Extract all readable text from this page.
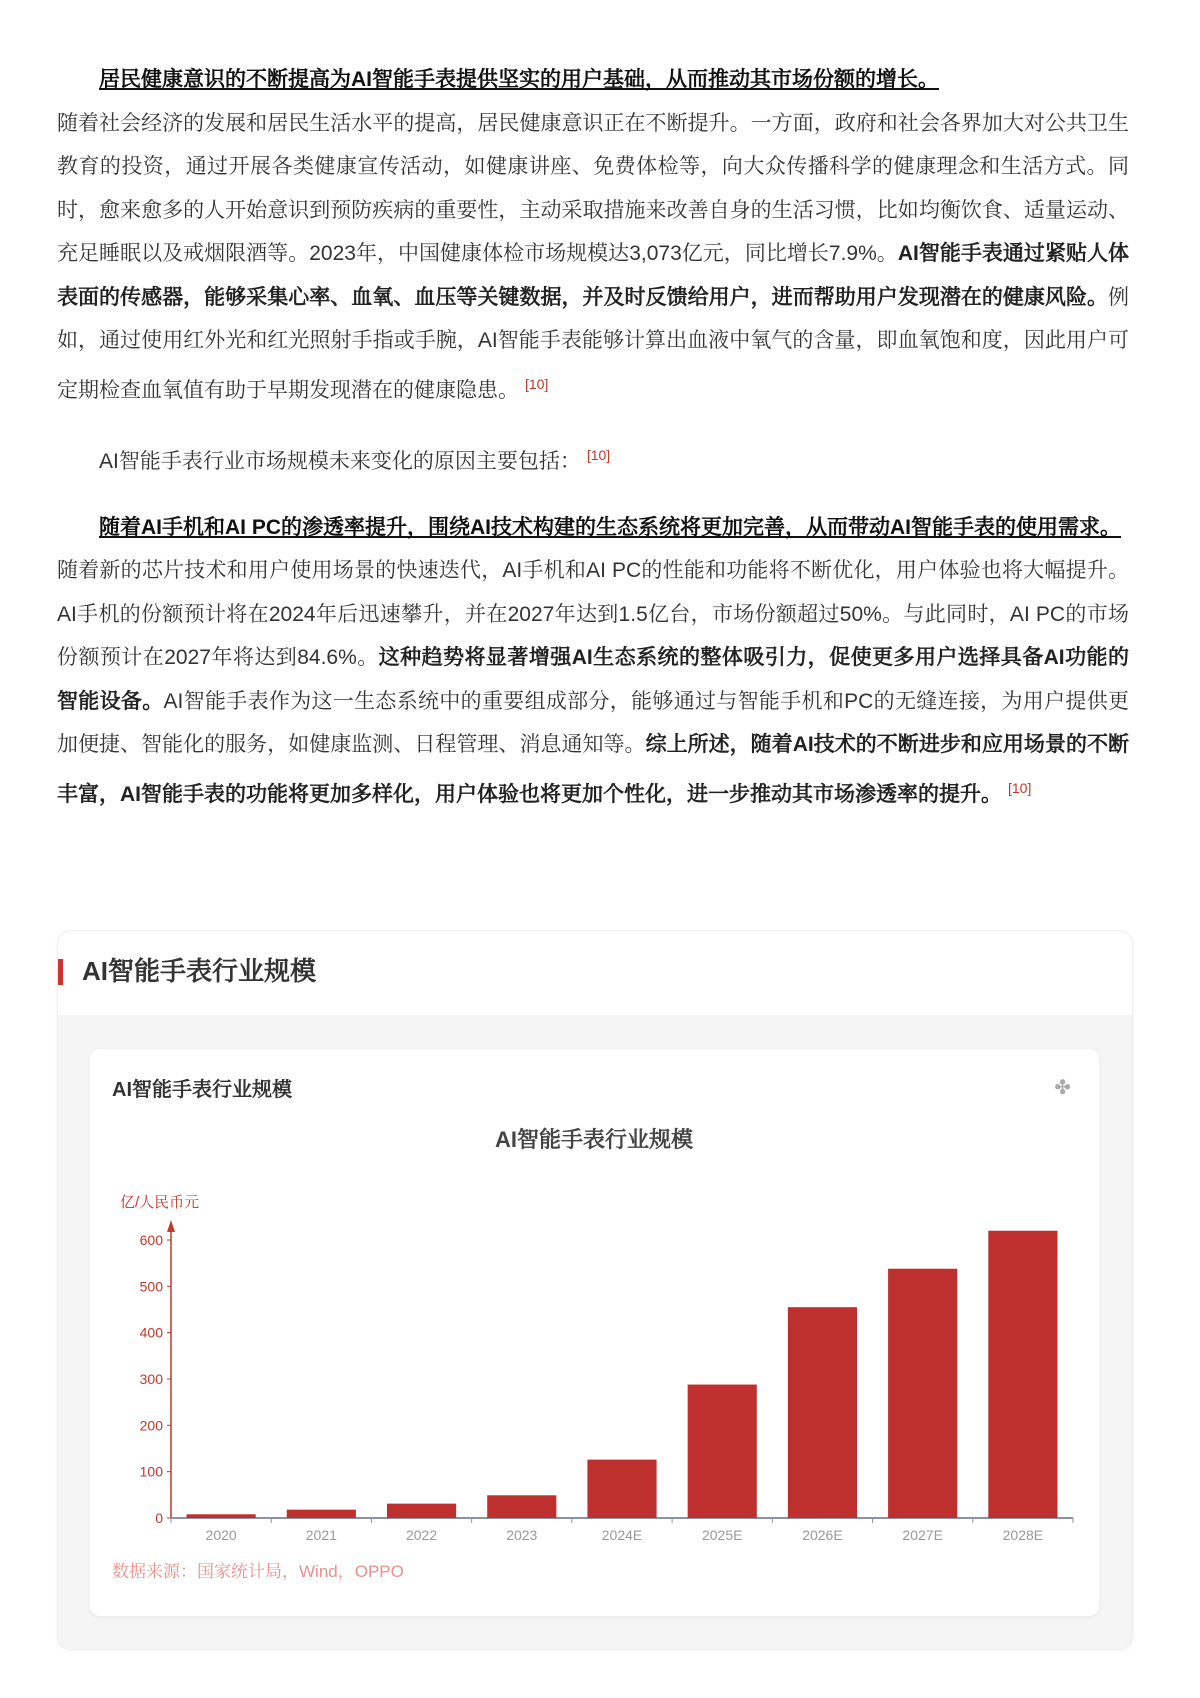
居民健康意识的不断提高为AI智能手表提供坚实的用户基础，从而推动其市场份额的增长。

随着社会经济的发展和居民生活水平的提高，居民健康意识正在不断提升。一方面，政府和社会各界加大对公共卫生教育的投资，通过开展各类健康宣传活动，如健康讲座、免费体检等，向大众传播科学的健康理念和生活方式。同时，愈来愈多的人开始意识到预防疾病的重要性，主动采取措施来改善自身的生活习惯，比如均衡饮食、适量运动、充足睡眠以及戒烟限酒等。2023年，中国健康体检市场规模达3,073亿元，同比增长7.9%。AI智能手表通过紧贴人体表面的传感器，能够采集心率、血氧、血压等关键数据，并及时反馈给用户，进而帮助用户发现潜在的健康风险。例如，通过使用红外光和红光照射手指或手腕，AI智能手表能够计算出血液中氧气的含量，即血氧饱和度，因此用户可定期检查血氧值有助于早期发现潜在的健康隐患。 [10]

AI智能手表行业市场规模未来变化的原因主要包括： [10]

随着AI手机和AI PC的渗透率提升，围绕AI技术构建的生态系统将更加完善，从而带动AI智能手表的使用需求。

随着新的芯片技术和用户使用场景的快速迭代，AI手机和AI PC的性能和功能将不断优化，用户体验也将大幅提升。AI手机的份额预计将在2024年后迅速攀升，并在2027年达到1.5亿台，市场份额超过50%。与此同时，AI PC的市场份额预计在2027年将达到84.6%。这种趋势将显著增强AI生态系统的整体吸引力，促使更多用户选择具备AI功能的智能设备。AI智能手表作为这一生态系统中的重要组成部分，能够通过与智能手机和PC的无缝连接，为用户提供更加便捷、智能化的服务，如健康监测、日程管理、消息通知等。综上所述，随着AI技术的不断进步和应用场景的不断丰富，AI智能手表的功能将更加多样化，用户体验也将更加个性化，进一步推动其市场渗透率的提升。 [10]

AI智能手表行业规模
AI智能手表行业规模	✤
AI智能手表行业规模
亿/人民币元
0
100
200
300
400
500
600
2020	2021	2022	2023	2024E	2025E	2026E	2027E	2028E
数据来源：国家统计局，Wind，OPPO
